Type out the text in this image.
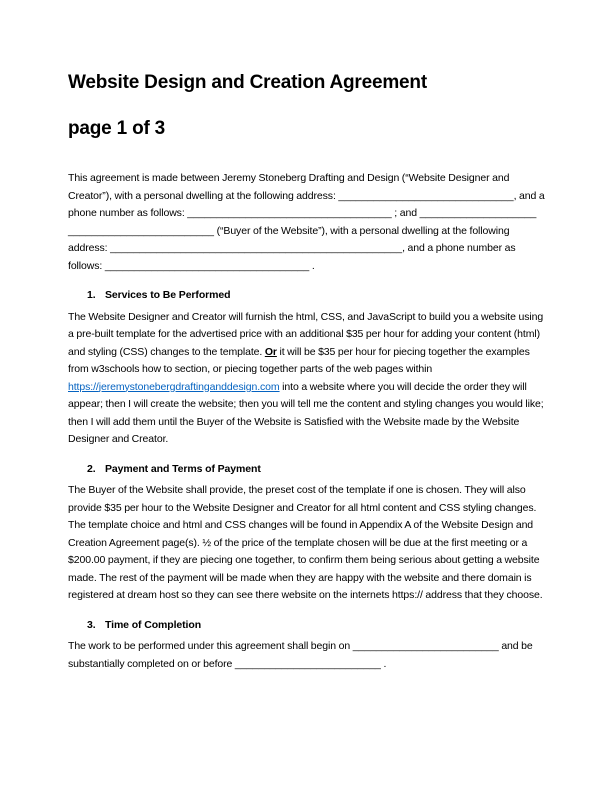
Website Design and Creation Agreement
page 1 of 3

This agreement is made between Jeremy Stoneberg Drafting and Design (“Website Designer and Creator”), with a personal dwelling at the following address: _____​_____​_____​_____​_____​_____, and a phone number as follows: _____​_____​_____​_____​_____​_____​_____ ; and _____​_____​_____​_____​_____​_____​_____​_____​_____ (“Buyer of the Website”), with a personal dwelling at the following address: _____​_____​_____​_____​_____​_____​_____​_____​_____​_____, and a phone number as follows: _____​_____​_____​_____​_____​_____​_____ .

1. Services to Be Performed

The Website Designer and Creator will furnish the html, CSS, and JavaScript to build you a website using a pre-built template for the advertised price with an additional $35 per hour for adding your content (html) and styling (CSS) changes to the template. Or it will be $35 per hour for piecing together the examples from w3schools how to section, or piecing together parts of the web pages within https://jeremystonebergdraftinganddesign.com into a website where you will decide the order they will appear; then I will create the website; then you will tell me the content and styling changes you would like; then I will add them until the Buyer of the Website is Satisfied with the Website made by the Website Designer and Creator.

2. Payment and Terms of Payment

The Buyer of the Website shall provide, the preset cost of the template if one is chosen. They will also provide $35 per hour to the Website Designer and Creator for all html content and CSS styling changes. The template choice and html and CSS changes will be found in Appendix A of the Website Design and Creation Agreement page(s). ½ of the price of the template chosen will be due at the first meeting or a $200.00 payment, if they are piecing one together, to confirm them being serious about getting a website made. The rest of the payment will be made when they are happy with the website and there domain is registered at dream host so they can see there website on the internets https:// address that they choose.

3. Time of Completion

The work to be performed under this agreement shall begin on _____​_____​_____​_____​_____ and be substantially completed on or before _____​_____​_____​_____​_____ .
